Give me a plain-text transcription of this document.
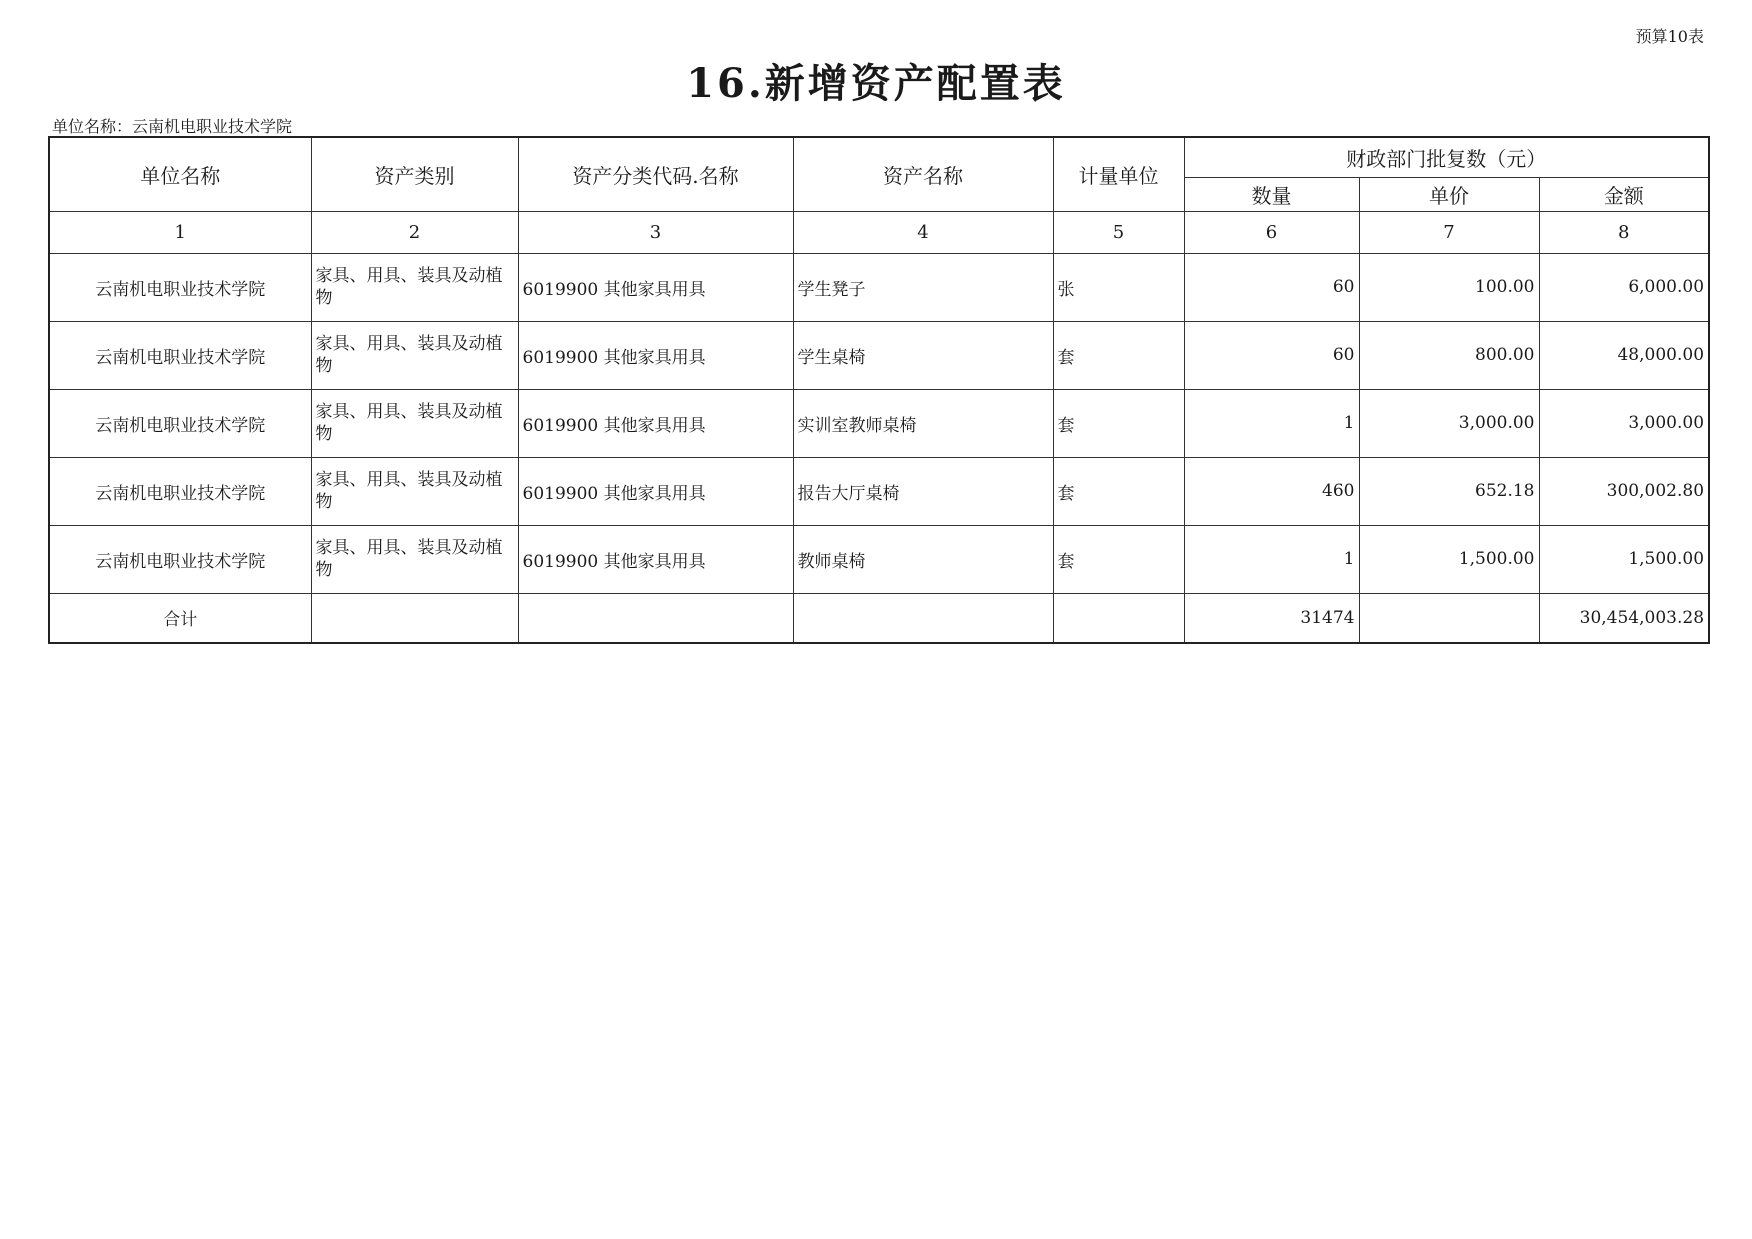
预算10表
16.新增资产配置表
单位名称：云南机电职业技术学院
单位名称	资产类别	资产分类代码.名称	资产名称	计量单位	财政部门批复数（元）		
					数量	单价	金额
1	2	3	4	5	6	7	8
云南机电职业技术学院	家具、用具、装具及动植物	6019900 其他家具用具	学生凳子	张	60	100.00	6,000.00
云南机电职业技术学院	家具、用具、装具及动植物	6019900 其他家具用具	学生桌椅	套	60	800.00	48,000.00
云南机电职业技术学院	家具、用具、装具及动植物	6019900 其他家具用具	实训室教师桌椅	套	1	3,000.00	3,000.00
云南机电职业技术学院	家具、用具、装具及动植物	6019900 其他家具用具	报告大厅桌椅	套	460	652.18	300,002.80
云南机电职业技术学院	家具、用具、装具及动植物	6019900 其他家具用具	教师桌椅	套	1	1,500.00	1,500.00
合计					31474		30,454,003.28
